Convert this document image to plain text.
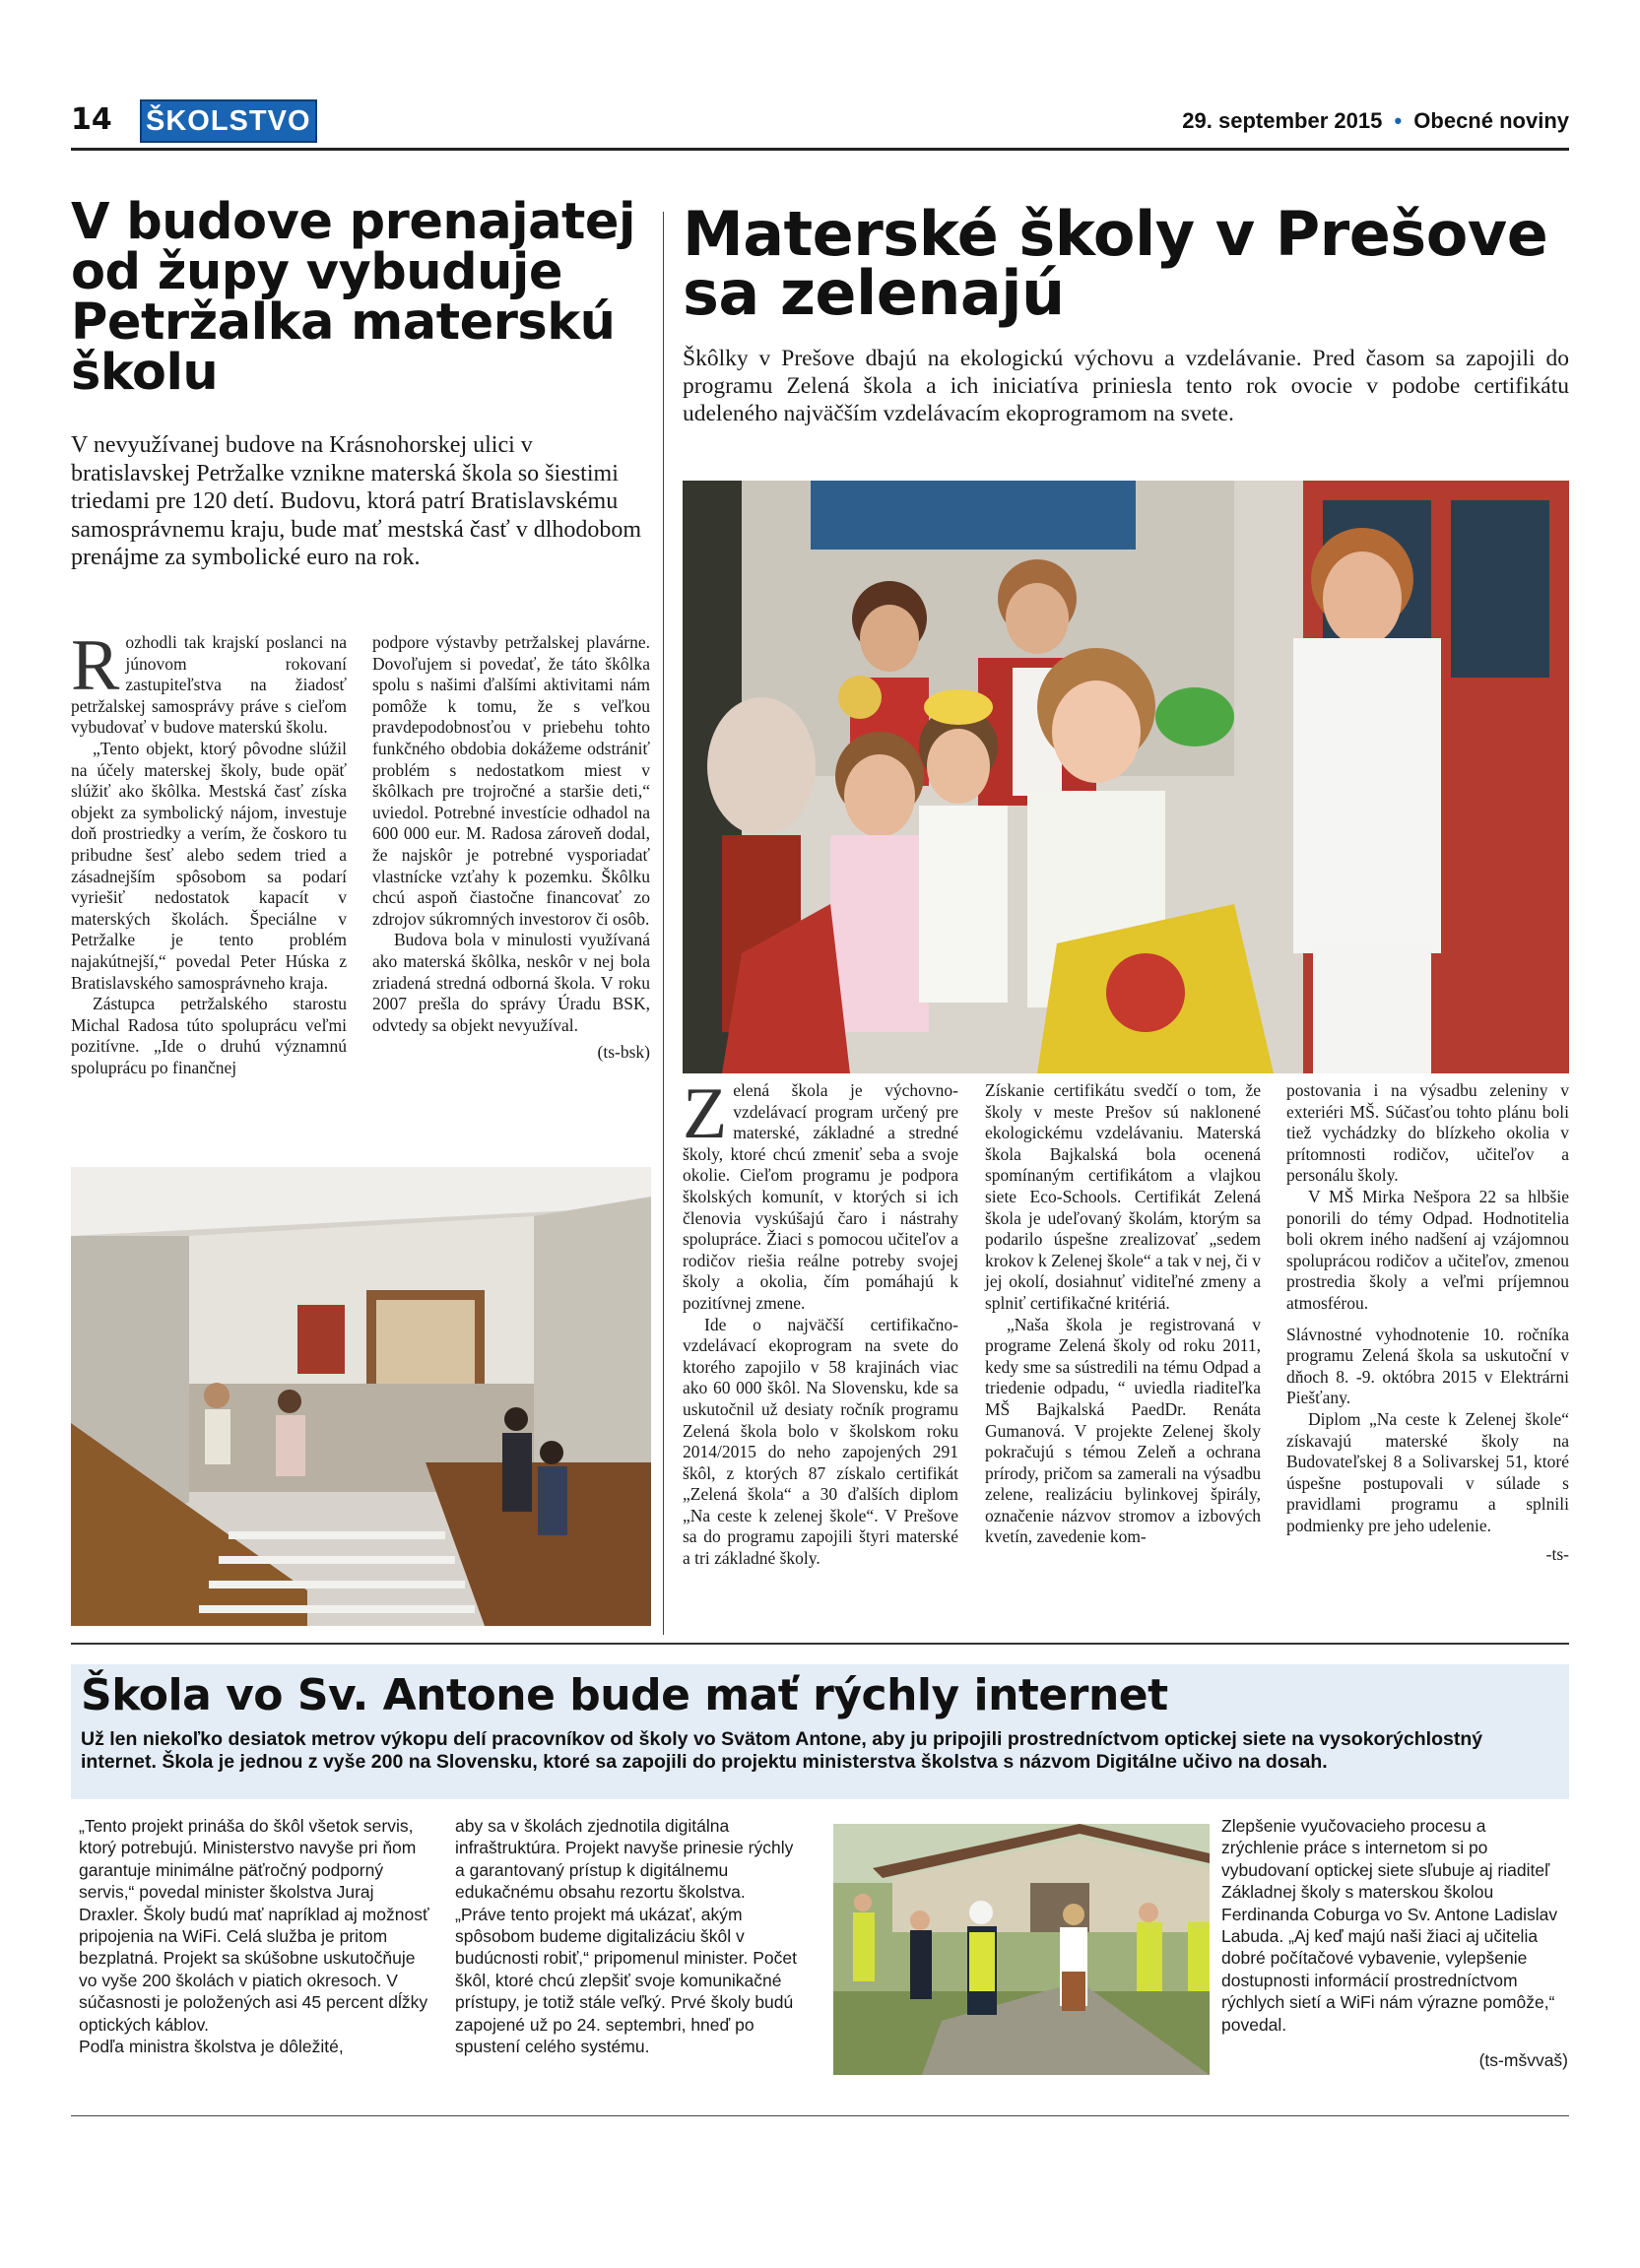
14 ŠKOLSTVO	29. september 2015 • Obecné noviny
V budove prenajatej
od župy vybuduje
Petržalka materskú
školu
V nevyužívanej budove na Krásnohorskej ulici v bratislavskej Petržalke vznikne materská škola so šiestimi triedami pre 120 detí. Budovu, ktorá patrí Bratislavskému samosprávnemu kraju, bude mať mestská časť v dlhodobom prenájme za symbolické euro na rok.

Rozhodli tak krajskí poslanci na júnovom rokovaní zastupiteľstva na žiadosť petržalskej samosprávy práve s cieľom vybudovať v budove materskú školu.

„Tento objekt, ktorý pôvodne slúžil na účely materskej školy, bude opäť slúžiť ako škôlka. Mestská časť získa objekt za symbolický nájom, investuje doň prostriedky a verím, že čoskoro tu pribudne šesť alebo sedem tried a zásadnejším spôsobom sa podarí vyriešiť nedostatok kapacít v materských školách. Špeciálne v Petržalke je tento problém najakútnejší,“ povedal Peter Húska z Bratislavského samosprávneho kraja.

Zástupca petržalského starostu Michal Radosa túto spoluprácu veľmi pozitívne. „Ide o druhú významnú spoluprácu po finančnej

podpore výstavby petržalskej plavárne. Dovoľujem si povedať, že táto škôlka spolu s našimi ďalšími aktivitami nám pomôže k tomu, že s veľkou pravdepodobnosťou v priebehu tohto funkčného obdobia dokážeme odstrániť problém s nedostatkom miest v škôlkach pre trojročné a staršie deti,“ uviedol. Potrebné investície odhadol na 600 000 eur. M. Radosa zároveň dodal, že najskôr je potrebné vysporiadať vlastnícke vzťahy k pozemku. Škôlku chcú aspoň čiastočne financovať zo zdrojov súkromných investorov či osôb.

Budova bola v minulosti využívaná ako materská škôlka, neskôr v nej bola zriadená stredná odborná škola. V roku 2007 prešla do správy Úradu BSK, odvtedy sa objekt nevyužíval.

(ts-bsk)

Materské školy v Prešove
sa zelenajú
Škôlky v Prešove dbajú na ekologickú výchovu a vzdelávanie. Pred časom sa zapojili do programu Zelená škola a ich iniciatíva priniesla tento rok ovocie v podobe certifikátu udeleného najväčším vzdelávacím ekoprogramom na svete.

Zelená škola je výchovno-vzdelávací program určený pre materské, základné a stredné školy, ktoré chcú zmeniť seba a svoje okolie. Cieľom programu je podpora školských komunít, v ktorých si ich členovia vyskúšajú čaro i nástrahy spolupráce. Žiaci s pomocou učiteľov a rodičov riešia reálne potreby svojej školy a okolia, čím pomáhajú k pozitívnej zmene.

Ide o najväčší certifikačno-vzdelávací ekoprogram na svete do ktorého zapojilo v 58 krajinách viac ako 60 000 škôl. Na Slovensku, kde sa uskutočnil už desiaty ročník programu Zelená škola bolo v školskom roku 2014/2015 do neho zapojených 291 škôl, z ktorých 87 získalo certifikát „Zelená škola“ a 30 ďalších diplom „Na ceste k zelenej škole“. V Prešove sa do programu zapojili štyri materské a tri základné školy.

Získanie certifikátu svedčí o tom, že školy v meste Prešov sú naklonené ekologickému vzdelávaniu. Materská škola Bajkalská bola ocenená spomínaným certifikátom a vlajkou siete Eco-Schools. Certifikát Zelená škola je udeľovaný školám, ktorým sa podarilo úspešne zrealizovať „sedem krokov k Zelenej škole“ a tak v nej, či v jej okolí, dosiahnuť viditeľné zmeny a splniť certifikačné kritériá.

„Naša škola je registrovaná v programe Zelená školy od roku 2011, kedy sme sa sústredili na tému Odpad a triedenie odpadu, “ uviedla riaditeľka MŠ Bajkalská PaedDr. Renáta Gumanová. V projekte Zelenej školy pokračujú s témou Zeleň a ochrana prírody, pričom sa zamerali na výsadbu zelene, realizáciu bylinkovej špirály, označenie názvov stromov a izbových kvetín, zavedenie kom-

postovania i na výsadbu zeleniny v exteriéri MŠ. Súčasťou tohto plánu boli tiež vychádzky do blízkeho okolia v prítomnosti rodičov, učiteľov a personálu školy.

V MŠ Mirka Nešpora 22 sa hlbšie ponorili do témy Odpad. Hodnotitelia boli okrem iného nadšení aj vzájomnou spoluprácou rodičov a učiteľov, zmenou prostredia školy a veľmi príjemnou atmosférou.

Slávnostné vyhodnotenie 10. ročníka programu Zelená škola sa uskutoční v dňoch 8. -9. októbra 2015 v Elektrárni Piešťany.

Diplom „Na ceste k Zelenej škole“ získavajú materské školy na Budovateľskej 8 a Solivarskej 51, ktoré úspešne postupovali v súlade s pravidlami programu a splnili podmienky pre jeho udelenie.

-ts-

Škola vo Sv. Antone bude mať rýchly internet
Už len niekoľko desiatok metrov výkopu delí pracovníkov od školy vo Svätom Antone, aby ju pripojili prostredníctvom optickej siete na vysokorýchlostný internet. Škola je jednou z vyše 200 na Slovensku, ktoré sa zapojili do projektu ministerstva školstva s názvom Digitálne učivo na dosah.

„Tento projekt prináša do škôl všetok servis, ktorý potrebujú. Ministerstvo navyše pri ňom garantuje minimálne päťročný podporný servis,“ povedal minister školstva Juraj Draxler. Školy budú mať napríklad aj možnosť pripojenia na WiFi. Celá služba je pritom bezplatná. Projekt sa skúšobne uskutočňuje vo vyše 200 školách v piatich okresoch. V súčasnosti je položených asi 45 percent dĺžky optických káblov.

Podľa ministra školstva je dôležité,

aby sa v školách zjednotila digitálna infraštruktúra. Projekt navyše prinesie rýchly a garantovaný prístup k digitálnemu edukačnému obsahu rezortu školstva. „Práve tento projekt má ukázať, akým spôsobom budeme digitalizáciu škôl v budúcnosti robiť,“ pripomenul minister. Počet škôl, ktoré chcú zlepšiť svoje komunikačné prístupy, je totiž stále veľký. Prvé školy budú zapojené už po 24. septembri, hneď po spustení celého systému.

Zlepšenie vyučovacieho procesu a zrýchlenie práce s internetom si po vybudovaní optickej siete sľubuje aj riaditeľ Základnej školy s materskou školou Ferdinanda Coburga vo Sv. Antone Ladislav Labuda. „Aj keď majú naši žiaci aj učitelia dobré počítačové vybavenie, vylepšenie dostupnosti informácií prostredníctvom rýchlych sietí a WiFi nám výrazne pomôže,“ povedal.

(ts-mšvvaš)
